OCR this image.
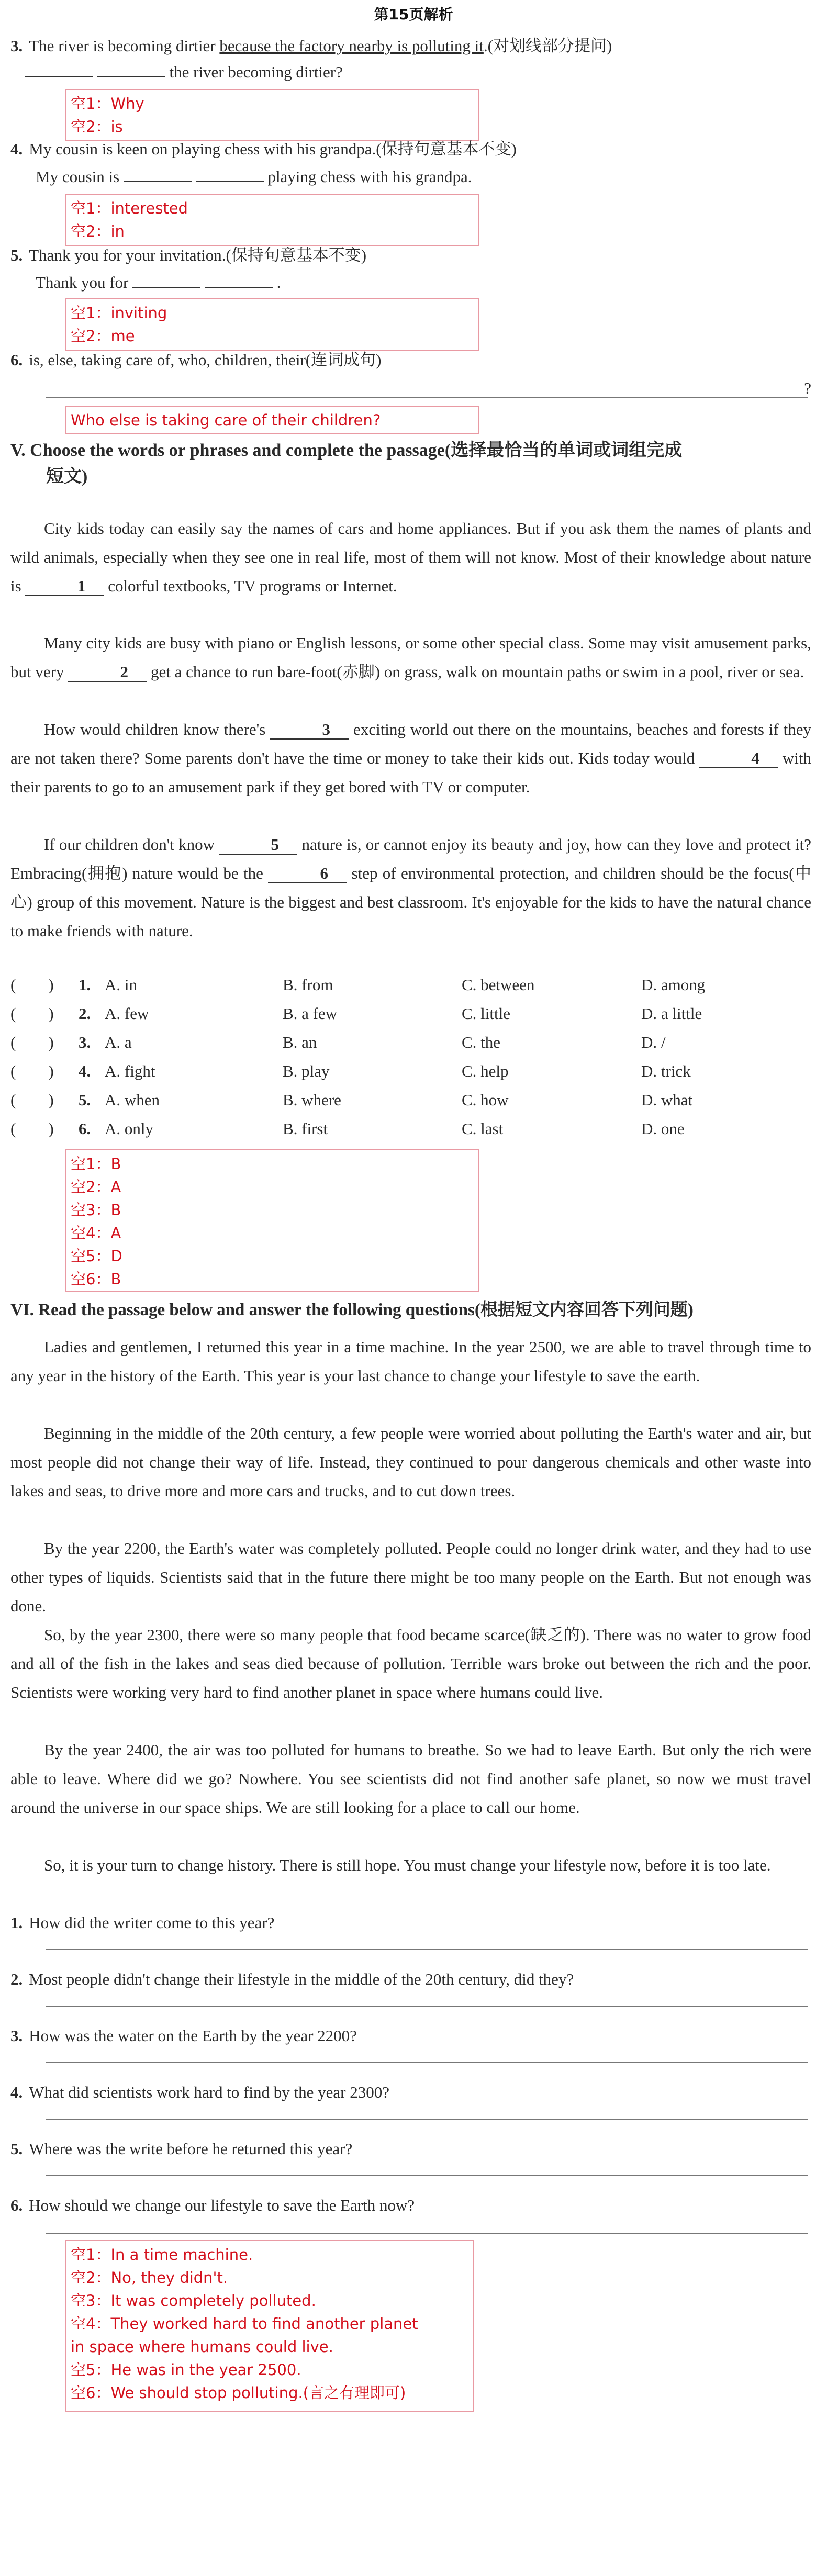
第15页解析
3. The river is becoming dirtier because the factory nearby is polluting it.(对划线部分提问)
the river becoming dirtier?
空1：Why
空2：is
4. My cousin is keen on playing chess with his grandpa.(保持句意基本不变)
My cousin is	playing chess with his grandpa.
空1：interested
空2：in
5. Thank you for your invitation.(保持句意基本不变)
Thank you for	.
空1：inviting
空2：me
6. is, else, taking care of, who, children, their(连词成句)
?
Who else is taking care of their children?
V. Choose the words or phrases and complete the passage(选择最恰当的单词或词组完成
短文)
City kids today can easily say the names of cars and home appliances. But if you ask them the names of plants and wild animals, especially when they see one in real life, most of them will not know. Most of their knowledge about nature is	1 colorful textbooks, TV programs or Internet.
Many city kids are busy with piano or English lessons, or some other special class. Some may visit amusement parks, but very	2 get a chance to run bare-foot(赤脚) on grass, walk on mountain paths or swim in a pool, river or sea.
How would children know there's	3 exciting world out there on the mountains, beaches and forests if they are not taken there? Some parents don't have the time or money to take their kids out. Kids today would	4 with their parents to go to an amusement park if they get bored with TV or computer.
If our children don't know	5 nature is, or cannot enjoy its beauty and joy, how can they love and protect it? Embracing(拥抱) nature would be the	6 step of environmental protection, and children should be the focus(中心) group of this movement. Nature is the biggest and best classroom. It's enjoyable for the kids to have the natural chance to make friends with nature.
(　　) 1. A. in	B. from	C. between	D. among
(　　) 2. A. few	B. a few	C. little	D. a little
(　　) 3. A. a	B. an	C. the	D. /
(　　) 4. A. fight	B. play	C. help	D. trick
(　　) 5. A. when	B. where	C. how	D. what
(　　) 6. A. only	B. first	C. last	D. one
空1：B
空2：A
空3：B
空4：A
空5：D
空6：B
VI. Read the passage below and answer the following questions(根据短文内容回答下列问题)
Ladies and gentlemen, I returned this year in a time machine. In the year 2500, we are able to travel through time to any year in the history of the Earth. This year is your last chance to change your lifestyle to save the earth.
Beginning in the middle of the 20th century, a few people were worried about polluting the Earth's water and air, but most people did not change their way of life. Instead, they continued to pour dangerous chemicals and other waste into lakes and seas, to drive more and more cars and trucks, and to cut down trees.
By the year 2200, the Earth's water was completely polluted. People could no longer drink water, and they had to use other types of liquids. Scientists said that in the future there might be too many people on the Earth. But not enough was done.
So, by the year 2300, there were so many people that food became scarce(缺乏的). There was no water to grow food and all of the fish in the lakes and seas died because of pollution. Terrible wars broke out between the rich and the poor. Scientists were working very hard to find another planet in space where humans could live.
By the year 2400, the air was too polluted for humans to breathe. So we had to leave Earth. But only the rich were able to leave. Where did we go? Nowhere. You see scientists did not find another safe planet, so now we must travel around the universe in our space ships. We are still looking for a place to call our home.
So, it is your turn to change history. There is still hope. You must change your lifestyle now, before it is too late.
1. How did the writer come to this year?
2. Most people didn't change their lifestyle in the middle of the 20th century, did they?
3. How was the water on the Earth by the year 2200?
4. What did scientists work hard to find by the year 2300?
5. Where was the write before he returned this year?
6. How should we change our lifestyle to save the Earth now?
空1：In a time machine.
空2：No, they didn't.
空3：It was completely polluted.
空4：They worked hard to find another planet
in space where humans could live.
空5：He was in the year 2500.
空6：We should stop polluting.(言之有理即可)
